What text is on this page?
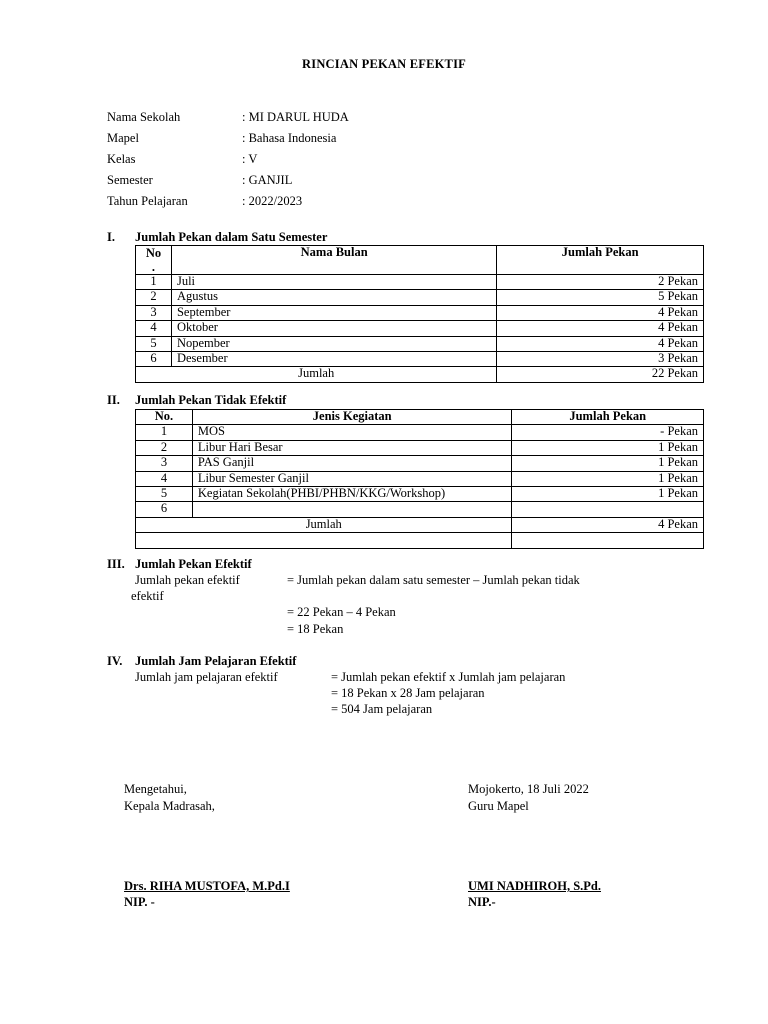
RINCIAN PEKAN EFEKTIF
Nama Sekolah	: MI DARUL HUDA
Mapel	: Bahasa Indonesia
Kelas	: V
Semester	: GANJIL
Tahun Pelajaran	: 2022/2023
I. Jumlah Pekan dalam Satu Semester
No
.	Nama Bulan	Jumlah Pekan
1	Juli	2 Pekan
2	Agustus	5 Pekan
3	September	4 Pekan
4	Oktober	4 Pekan
5	Nopember	4 Pekan
6	Desember	3 Pekan
Jumlah		22 Pekan
II. Jumlah Pekan Tidak Efektif
No.	Jenis Kegiatan	Jumlah Pekan
1	MOS	- Pekan
2	Libur Hari Besar	1 Pekan
3	PAS Ganjil	1 Pekan
4	Libur Semester Ganjil	1 Pekan
5	Kegiatan Sekolah(PHBI/PHBN/KKG/Workshop)	1 Pekan
6		
Jumlah		4 Pekan

III. Jumlah Pekan Efektif
Jumlah pekan efektif	= Jumlah pekan dalam satu semester – Jumlah pekan tidak
efektif
= 22 Pekan – 4 Pekan
= 18 Pekan
IV. Jumlah Jam Pelajaran Efektif
Jumlah jam pelajaran efektif	= Jumlah pekan efektif x Jumlah jam pelajaran
= 18 Pekan x 28 Jam pelajaran
= 504 Jam pelajaran
Mengetahui,
Kepala Madrasah,
Drs. RIHA MUSTOFA, M.Pd.I
NIP. -
Mojokerto, 18 Juli 2022
Guru Mapel
UMI NADHIROH, S.Pd.
NIP.-
